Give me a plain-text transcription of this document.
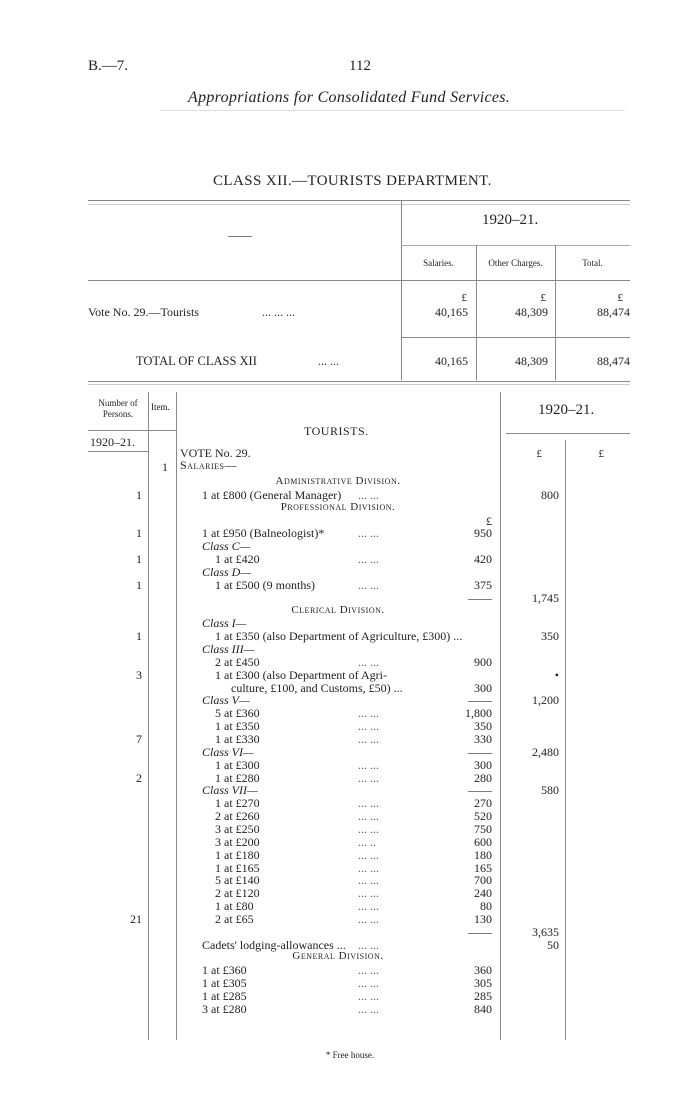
B.—7.	112
Appropriations for Consolidated Fund Services.
CLASS XII.—TOURISTS DEPARTMENT.
——
1920–21.
Salaries.	Other Charges.	Total.
£	£	£
Vote No. 29.—Tourists	... ... ...	40,165	48,309	88,474
TOTAL OF CLASS XII	... ...	40,165	48,309	88,474
Number of Persons.
Item.	1920–21.
1920–21.
TOURISTS.
VOTE No. 29.
1 Salaries—
£	£
Administrative Division.
1	1 at £800 (General Manager) ... ...	800
Professional Division.
£
1	1 at £950 (Balneologist)*	... ...	950
Class C—
1	1 at £420	... ...	420
Class D—
1	1 at £500 (9 months)	... ...	375
——	1,745
Clerical Division.
Class I—
1	1 at £350 (also Department of Agriculture, £300) ...	350
Class III—
2 at £450	... ...	900
3	1 at £300 (also Department of Agri-	•
culture, £100, and Customs, £50) ...	300
Class V—	——	1,200
5 at £360	... ...	1,800
1 at £350	... ...	350
7	1 at £330	... ...	330
Class VI—	——	2,480
1 at £300	... ...	300
2	1 at £280	... ...	280
Class VII—	——	580
1 at £270	... ...	270
2 at £260	... ...	520
3 at £250	... ...	750
3 at £200	... ..	600
1 at £180	... ...	180
1 at £165	... ...	165
5 at £140	... ...	700
2 at £120	... ...	240
1 at £80	... ...	80
21	2 at £65	... ...	130
——	3,635
Cadets' lodging-allowances ... ... ...	50
General Division.
1 at £360	... ...	360
1 at £305	... ...	305
1 at £285	... ...	285
3 at £280	... ...	840
* Free house.
